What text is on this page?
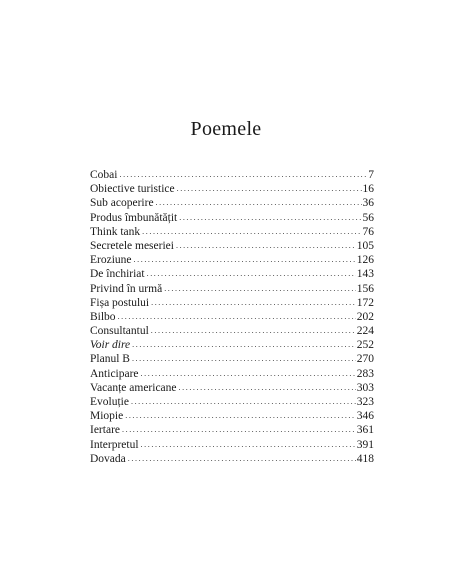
Poemele
Cobai . . .	7
Obiective turistice . . .	16
Sub acoperire . . .	36
Produs îmbunătățit . . .	56
Think tank . . .	76
Secretele meseriei . . .	105
Eroziune . . .	126
De închiriat . . .	143
Privind în urmă . . .	156
Fișa postului . . .	172
Bilbo . . .	202
Consultantul . . .	224
Voir dire . . .	252
Planul B . . .	270
Anticipare . . .	283
Vacanțe americane . . .	303
Evoluție . . .	323
Miopie . . .	346
Iertare . . .	361
Interpretul . . .	391
Dovada . . .	418
